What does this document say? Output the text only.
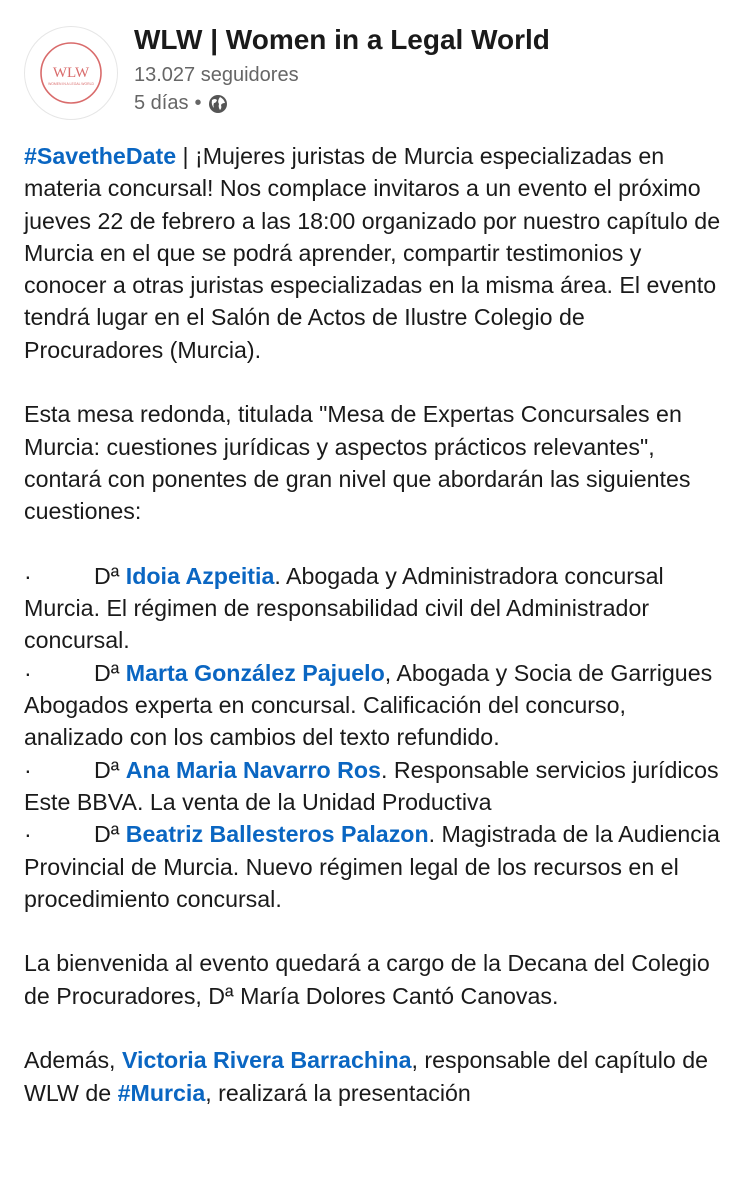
WLW
WOMEN IN A LEGAL WORLD
WLW | Women in a Legal World
13.027 seguidores
5 días •

#SavetheDate | ¡Mujeres juristas de Murcia especializadas en materia concursal! Nos complace invitaros a un evento el próximo jueves 22 de febrero a las 18:00 organizado por nuestro capítulo de Murcia en el que se podrá aprender, compartir testimonios y conocer a otras juristas especializadas en la misma área. El evento tendrá lugar en el Salón de Actos de Ilustre Colegio de Procuradores (Murcia).

Esta mesa redonda, titulada "Mesa de Expertas Concursales en Murcia: cuestiones jurídicas y aspectos prácticos relevantes", contará con ponentes de gran nivel que abordarán las siguientes cuestiones:

·	Dª Idoia Azpeitia. Abogada y Administradora concursal Murcia. El régimen de responsabilidad civil del Administrador concursal.

·	Dª Marta González Pajuelo, Abogada y Socia de Garrigues Abogados experta en concursal. Calificación del concurso, analizado con los cambios del texto refundido.

·	Dª Ana Maria Navarro Ros. Responsable servicios jurídicos Este BBVA. La venta de la Unidad Productiva

·	Dª Beatriz Ballesteros Palazon. Magistrada de la Audiencia Provincial de Murcia. Nuevo régimen legal de los recursos en el procedimiento concursal.

La bienvenida al evento quedará a cargo de la Decana del Colegio de Procuradores, Dª María Dolores Cantó Canovas.

Además, Victoria Rivera Barrachina, responsable del capítulo de WLW de #Murcia, realizará la presentación
